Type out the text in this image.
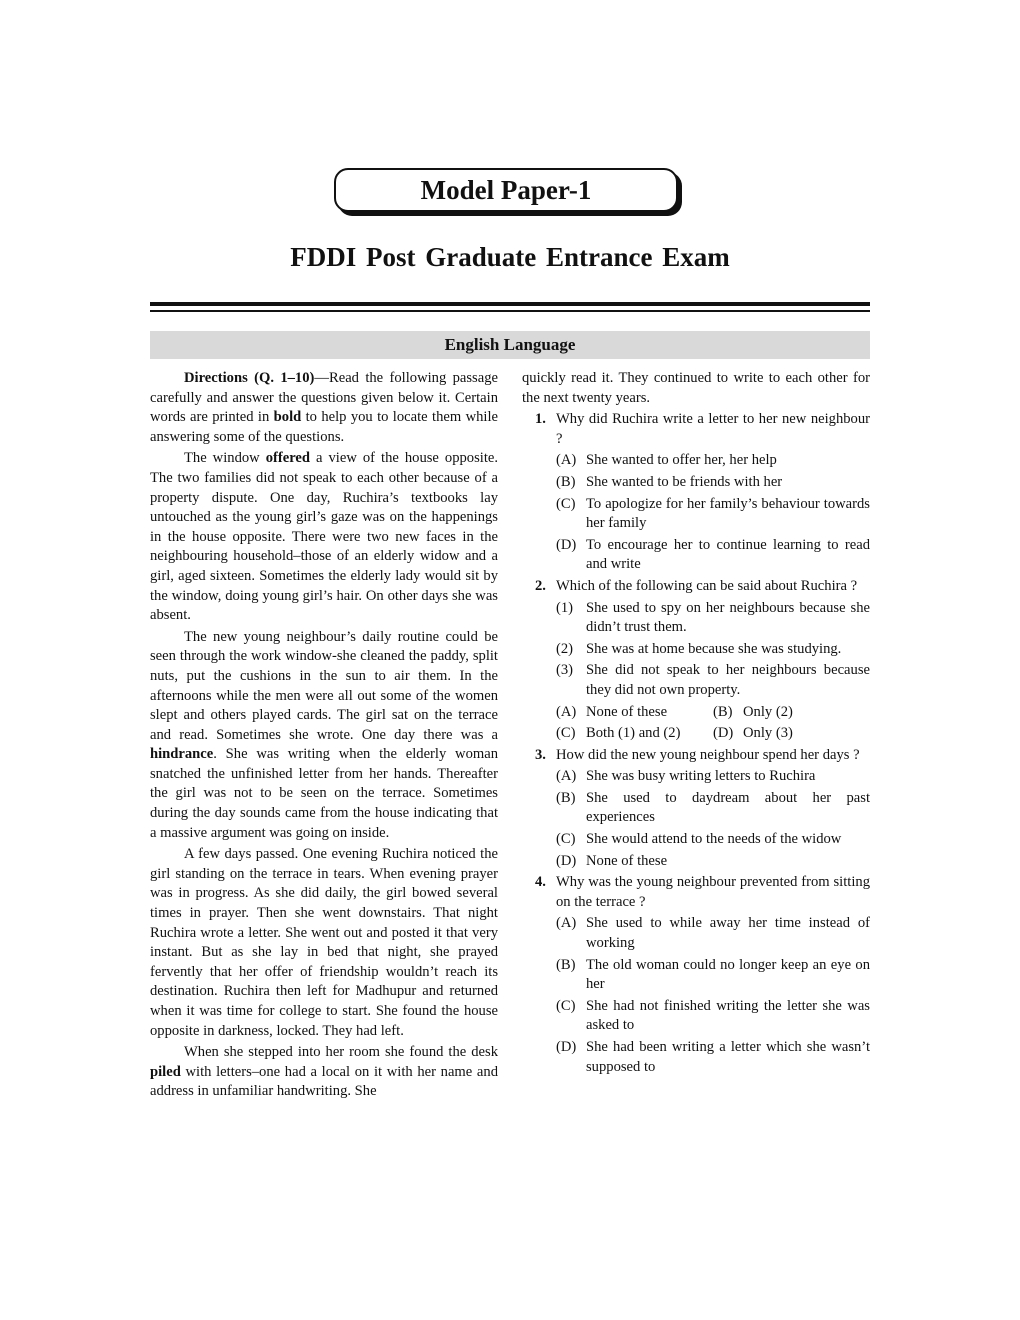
Model Paper-1
FDDI Post Graduate Entrance Exam
English Language

Directions (Q. 1–10)—Read the following passage carefully and answer the questions given below it. Certain words are printed in bold to help you to locate them while answering some of the questions.

The window offered a view of the house opposite. The two families did not speak to each other because of a property dispute. One day, Ruchira’s textbooks lay untouched as the young girl’s gaze was on the happenings in the house opposite. There were two new faces in the neighbouring household–those of an elderly widow and a girl, aged sixteen. Sometimes the elderly lady would sit by the window, doing young girl’s hair. On other days she was absent.

The new young neighbour’s daily routine could be seen through the work window-she cleaned the paddy, split nuts, put the cushions in the sun to air them. In the afternoons while the men were all out some of the women slept and others played cards. The girl sat on the terrace and read. Sometimes she wrote. One day there was a hindrance. She was writing when the elderly woman snatched the unfinished letter from her hands. Thereafter the girl was not to be seen on the terrace. Sometimes during the day sounds came from the house indicating that a massive argument was going on inside.

A few days passed. One evening Ruchira noticed the girl standing on the terrace in tears. When evening prayer was in progress. As she did daily, the girl bowed several times in prayer. Then she went downstairs. That night Ruchira wrote a letter. She went out and posted it that very instant. But as she lay in bed that night, she prayed fervently that her offer of friendship wouldn’t reach its destination. Ruchira then left for Madhupur and returned when it was time for college to start. She found the house opposite in darkness, locked. They had left.

When she stepped into her room she found the desk piled with letters–one had a local on it with her name and address in unfamiliar handwriting. She

quickly read it. They continued to write to each other for the next twenty years.

1. Why did Ruchira write a letter to her new neighbour ?
(A) She wanted to offer her, her help
(B) She wanted to be friends with her
(C) To apologize for her family’s behaviour towards her family
(D) To encourage her to continue learning to read and write
2. Which of the following can be said about Ruchira ?
(1) She used to spy on her neighbours because she didn’t trust them.
(2) She was at home because she was studying.
(3) She did not speak to her neighbours because they did not own property.
(A) None of these	(B) Only (2)
(C) Both (1) and (2) (D) Only (3)
3. How did the new young neighbour spend her days ?
(A) She was busy writing letters to Ruchira
(B) She used to daydream about her past experiences
(C) She would attend to the needs of the widow
(D) None of these
4. Why was the young neighbour prevented from sitting on the terrace ?
(A) She used to while away her time instead of working
(B) The old woman could no longer keep an eye on her
(C) She had not finished writing the letter she was asked to
(D) She had been writing a letter which she wasn’t supposed to
